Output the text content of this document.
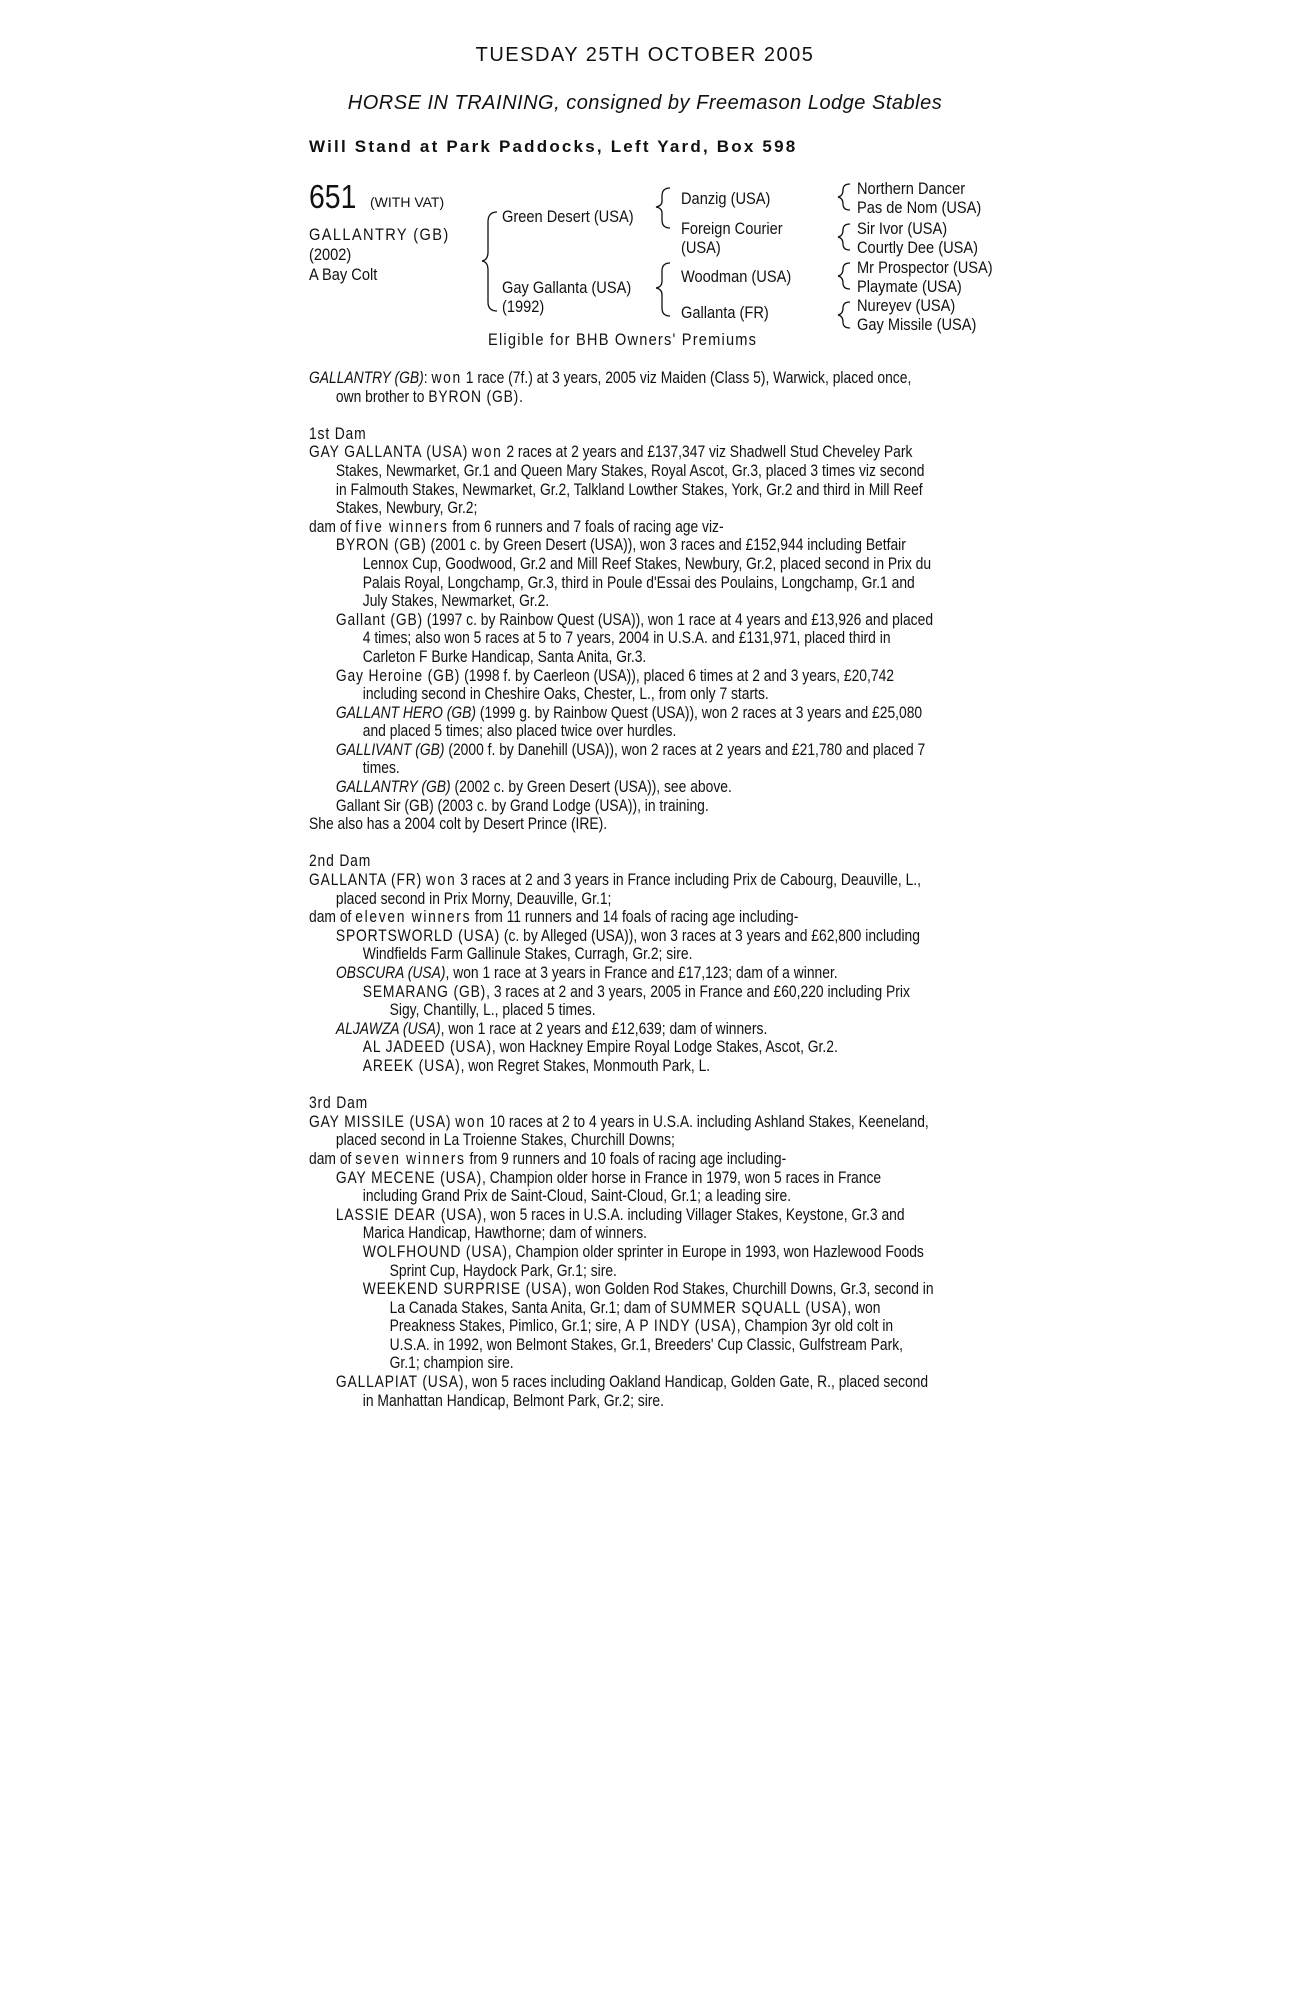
TUESDAY 25TH OCTOBER 2005
HORSE IN TRAINING, consigned by Freemason Lodge Stables
Will Stand at Park Paddocks, Left Yard, Box 598
651 (WITH VAT)
GALLANTRY (GB)
(2002)
A Bay Colt
Green Desert (USA)
Gay Gallanta (USA)
(1992)
Danzig (USA)
Foreign Courier
(USA)
Woodman (USA)
Gallanta (FR)
Northern Dancer
Pas de Nom (USA)
Sir Ivor (USA)
Courtly Dee (USA)
Mr Prospector (USA)
Playmate (USA)
Nureyev (USA)
Gay Missile (USA)
Eligible for BHB Owners' Premiums

GALLANTRY (GB): won 1 race (7f.) at 3 years, 2005 viz Maiden (Class 5), Warwick, placed once, own brother to BYRON (GB).

1st Dam

GAY GALLANTA (USA) won 2 races at 2 years and £137,347 viz Shadwell Stud Cheveley Park Stakes, Newmarket, Gr.1 and Queen Mary Stakes, Royal Ascot, Gr.3, placed 3 times viz second in Falmouth Stakes, Newmarket, Gr.2, Talkland Lowther Stakes, York, Gr.2 and third in Mill Reef Stakes, Newbury, Gr.2;

dam of five winners from 6 runners and 7 foals of racing age viz-

BYRON (GB) (2001 c. by Green Desert (USA)), won 3 races and £152,944 including Betfair Lennox Cup, Goodwood, Gr.2 and Mill Reef Stakes, Newbury, Gr.2, placed second in Prix du Palais Royal, Longchamp, Gr.3, third in Poule d'Essai des Poulains, Longchamp, Gr.1 and July Stakes, Newmarket, Gr.2.

Gallant (GB) (1997 c. by Rainbow Quest (USA)), won 1 race at 4 years and £13,926 and placed 4 times; also won 5 races at 5 to 7 years, 2004 in U.S.A. and £131,971, placed third in Carleton F Burke Handicap, Santa Anita, Gr.3.

Gay Heroine (GB) (1998 f. by Caerleon (USA)), placed 6 times at 2 and 3 years, £20,742 including second in Cheshire Oaks, Chester, L., from only 7 starts.

GALLANT HERO (GB) (1999 g. by Rainbow Quest (USA)), won 2 races at 3 years and £25,080 and placed 5 times; also placed twice over hurdles.

GALLIVANT (GB) (2000 f. by Danehill (USA)), won 2 races at 2 years and £21,780 and placed 7 times.

GALLANTRY (GB) (2002 c. by Green Desert (USA)), see above.

Gallant Sir (GB) (2003 c. by Grand Lodge (USA)), in training.

She also has a 2004 colt by Desert Prince (IRE).

2nd Dam

GALLANTA (FR) won 3 races at 2 and 3 years in France including Prix de Cabourg, Deauville, L., placed second in Prix Morny, Deauville, Gr.1;

dam of eleven winners from 11 runners and 14 foals of racing age including-

SPORTSWORLD (USA) (c. by Alleged (USA)), won 3 races at 3 years and £62,800 including Windfields Farm Gallinule Stakes, Curragh, Gr.2; sire.

OBSCURA (USA), won 1 race at 3 years in France and £17,123; dam of a winner.

SEMARANG (GB), 3 races at 2 and 3 years, 2005 in France and £60,220 including Prix Sigy, Chantilly, L., placed 5 times.

ALJAWZA (USA), won 1 race at 2 years and £12,639; dam of winners.

AL JADEED (USA), won Hackney Empire Royal Lodge Stakes, Ascot, Gr.2.

AREEK (USA), won Regret Stakes, Monmouth Park, L.

3rd Dam

GAY MISSILE (USA) won 10 races at 2 to 4 years in U.S.A. including Ashland Stakes, Keeneland, placed second in La Troienne Stakes, Churchill Downs;

dam of seven winners from 9 runners and 10 foals of racing age including-

GAY MECENE (USA), Champion older horse in France in 1979, won 5 races in France including Grand Prix de Saint-Cloud, Saint-Cloud, Gr.1; a leading sire.

LASSIE DEAR (USA), won 5 races in U.S.A. including Villager Stakes, Keystone, Gr.3 and Marica Handicap, Hawthorne; dam of winners.

WOLFHOUND (USA), Champion older sprinter in Europe in 1993, won Hazlewood Foods Sprint Cup, Haydock Park, Gr.1; sire.

WEEKEND SURPRISE (USA), won Golden Rod Stakes, Churchill Downs, Gr.3, second in La Canada Stakes, Santa Anita, Gr.1; dam of SUMMER SQUALL (USA), won Preakness Stakes, Pimlico, Gr.1; sire, A P INDY (USA), Champion 3yr old colt in U.S.A. in 1992, won Belmont Stakes, Gr.1, Breeders' Cup Classic, Gulfstream Park, Gr.1; champion sire.

GALLAPIAT (USA), won 5 races including Oakland Handicap, Golden Gate, R., placed second in Manhattan Handicap, Belmont Park, Gr.2; sire.
